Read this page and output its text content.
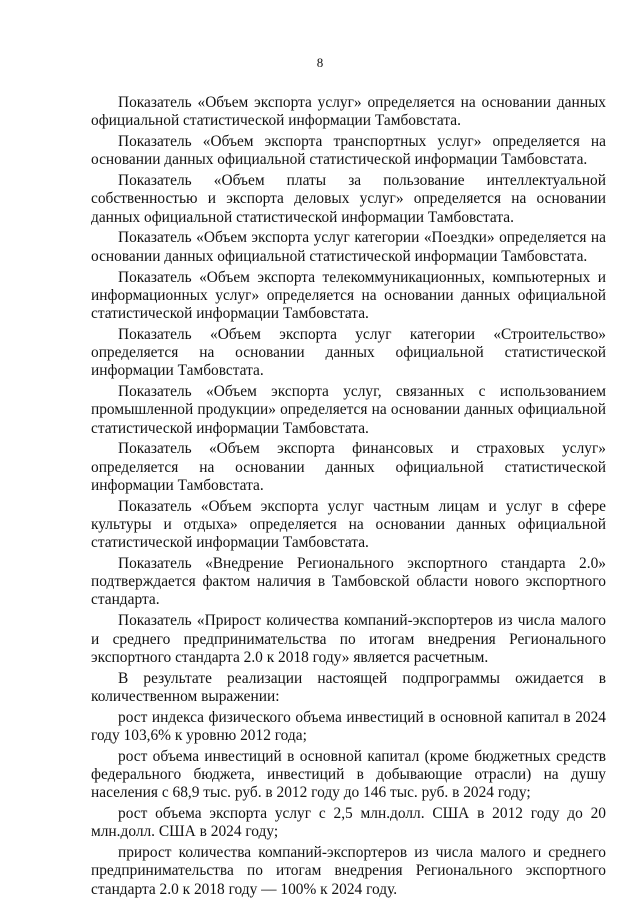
8

Показатель «Объем экспорта услуг» определяется на основании данных официальной статистической информации Тамбовстата.

Показатель «Объем экспорта транспортных услуг» определяется на основании данных официальной статистической информации Тамбовстата.

Показатель «Объем платы за пользование интеллектуальной собственностью и экспорта деловых услуг» определяется на основании данных официальной статистической информации Тамбовстата.

Показатель «Объем экспорта услуг категории «Поездки» определяется на основании данных официальной статистической информации Тамбовстата.

Показатель «Объем экспорта телекоммуникационных, компьютерных и информационных услуг» определяется на основании данных официальной статистической информации Тамбовстата.

Показатель «Объем экспорта услуг категории «Строительство» определяется на основании данных официальной статистической информации Тамбовстата.

Показатель «Объем экспорта услуг, связанных с использованием промышленной продукции» определяется на основании данных официальной статистической информации Тамбовстата.

Показатель «Объем экспорта финансовых и страховых услуг» определяется на основании данных официальной статистической информации Тамбовстата.

Показатель «Объем экспорта услуг частным лицам и услуг в сфере культуры и отдыха» определяется на основании данных официальной статистической информации Тамбовстата.

Показатель «Внедрение Регионального экспортного стандарта 2.0» подтверждается фактом наличия в Тамбовской области нового экспортного стандарта.

Показатель «Прирост количества компаний-экспортеров из числа малого и среднего предпринимательства по итогам внедрения Регионального экспортного стандарта 2.0 к 2018 году» является расчетным.

В результате реализации настоящей подпрограммы ожидается в количественном выражении:

рост индекса физического объема инвестиций в основной капитал в 2024 году 103,6% к уровню 2012 года;

рост объема инвестиций в основной капитал (кроме бюджетных средств федерального бюджета, инвестиций в добывающие отрасли) на душу населения с 68,9 тыс. руб. в 2012 году до 146 тыс. руб. в 2024 году;

рост объема экспорта услуг с 2,5 млн.долл. США в 2012 году до 20 млн.долл. США в 2024 году;

прирост количества компаний-экспортеров из числа малого и среднего предпринимательства по итогам внедрения Регионального экспортного стандарта 2.0 к 2018 году — 100% к 2024 году.
